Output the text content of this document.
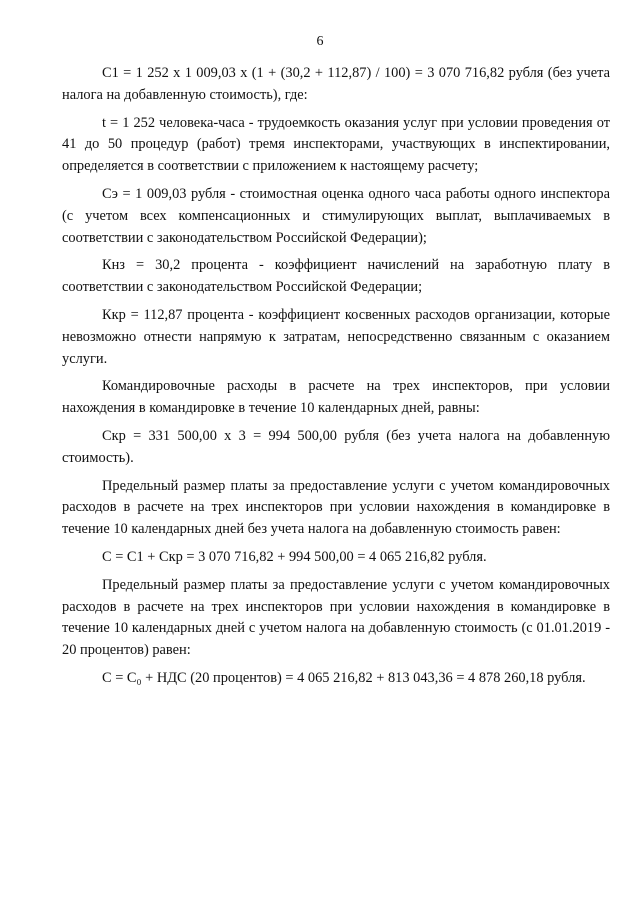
6

С1 = 1 252 х 1 009,03 х (1 + (30,2 + 112,87) / 100) = 3 070 716,82 рубля (без учета налога на добавленную стоимость), где:

t = 1 252 человека-часа - трудоемкость оказания услуг при условии проведения от 41 до 50 процедур (работ) тремя инспекторами, участвующих в инспектировании, определяется в соответствии с приложением к настоящему расчету;

Сэ = 1 009,03 рубля - стоимостная оценка одного часа работы одного инспектора (с учетом всех компенсационных и стимулирующих выплат, выплачиваемых в соответствии с законодательством Российской Федерации);

Кнз = 30,2 процента - коэффициент начислений на заработную плату в соответствии с законодательством Российской Федерации;

Ккр = 112,87 процента - коэффициент косвенных расходов организации, которые невозможно отнести напрямую к затратам, непосредственно связанным с оказанием услуги.

Командировочные расходы в расчете на трех инспекторов, при условии нахождения в командировке в течение 10 календарных дней, равны:

Скр = 331 500,00 х 3 = 994 500,00 рубля (без учета налога на добавленную стоимость).

Предельный размер платы за предоставление услуги с учетом командировочных расходов в расчете на трех инспекторов при условии нахождения в командировке в течение 10 календарных дней без учета налога на добавленную стоимость равен:

С = С1 + Скр = 3 070 716,82 + 994 500,00 = 4 065 216,82 рубля.

Предельный размер платы за предоставление услуги с учетом командировочных расходов в расчете на трех инспекторов при условии нахождения в командировке в течение 10 календарных дней с учетом налога на добавленную стоимость (с 01.01.2019 - 20 процентов) равен:

С = С₀ + НДС (20 процентов) = 4 065 216,82 + 813 043,36 = 4 878 260,18 рубля.
